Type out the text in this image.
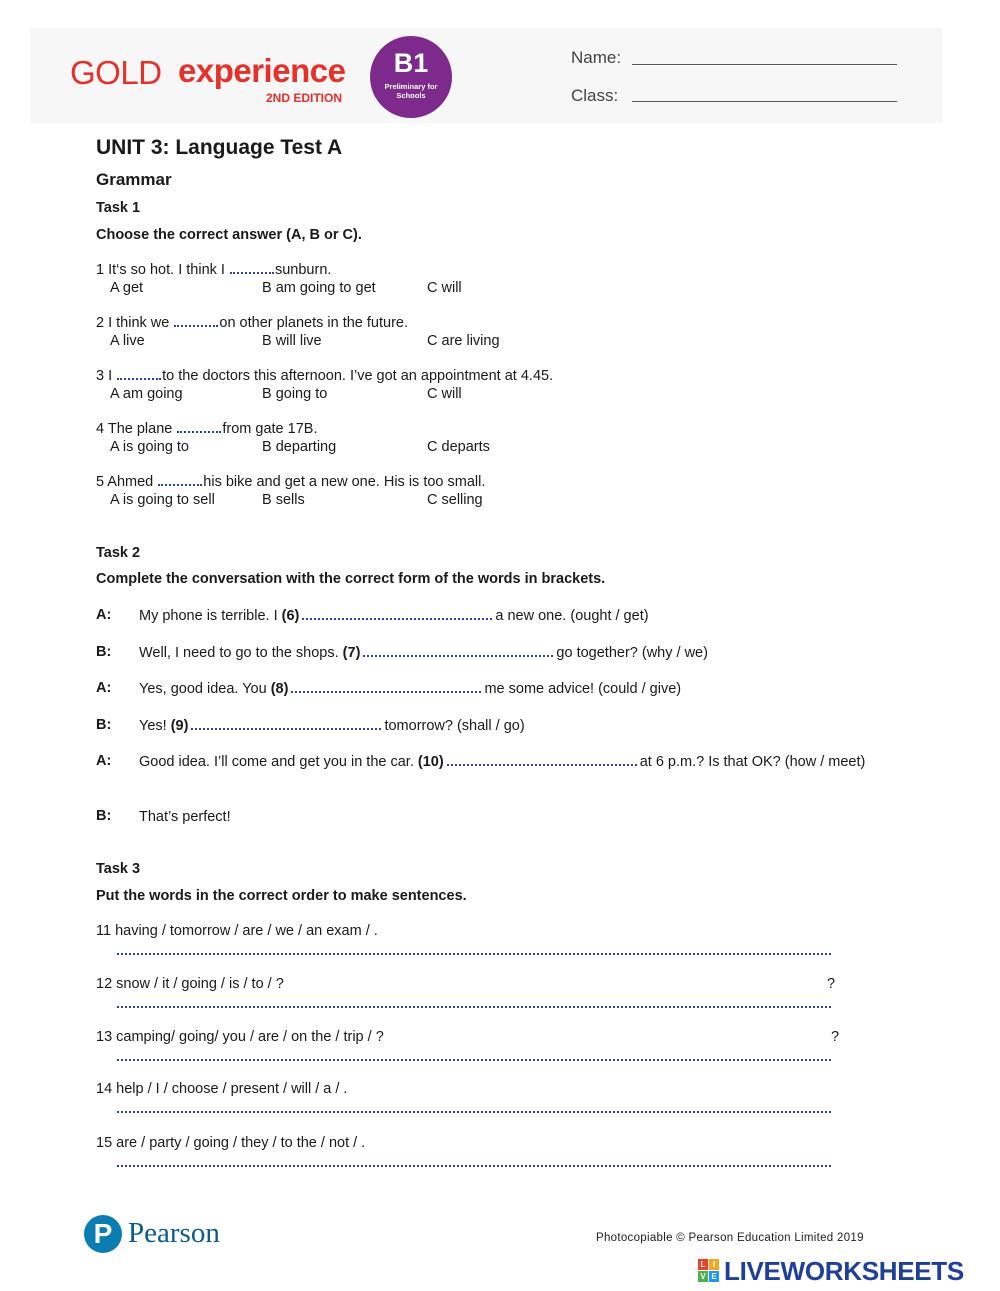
GOLD experience
2ND EDITION
B1
Preliminary for Schools
Name:
Class:
UNIT 3: Language Test A
Grammar
Task 1
Choose the correct answer (A, B or C).
1 It‘s so hot. I think I	sunburn.
A get	B am going to get	C will
2 I think we	on other planets in the future.
A live	B will live	C are living
3 I	to the doctors this afternoon. I’ve got an appointment at 4.45.
A am going	B going to	C will
4 The plane	from gate 17B.
A is going to	B departing	C departs
5 Ahmed	his bike and get a new one. His is too small.
A is going to sell	B sells	C selling
Task 2
Complete the conversation with the correct form of the words in brackets.
A: My phone is terrible. I (6)	a new one. (ought / get)
B: Well, I need to go to the shops. (7)	go together? (why / we)
A: Yes, good idea. You (8)	me some advice! (could / give)
B: Yes! (9)	tomorrow? (shall / go)
A: Good idea. I’ll come and get you in the car. (10)	at 6 p.m.? Is that OK? (how / meet)
B: That’s perfect!
Task 3
Put the words in the correct order to make sentences.
11 having / tomorrow / are / we / an exam / .
12 snow / it / going / is / to / ?	?
13 camping/ going/ you / are / on the / trip / ?	?
14 help / I / choose / present / will / a / .
15 are / party / going / they / to the / not / .
P Pearson	Photocopiable © Pearson Education Limited 2019
L I
V E LIVEWORKSHEETS
